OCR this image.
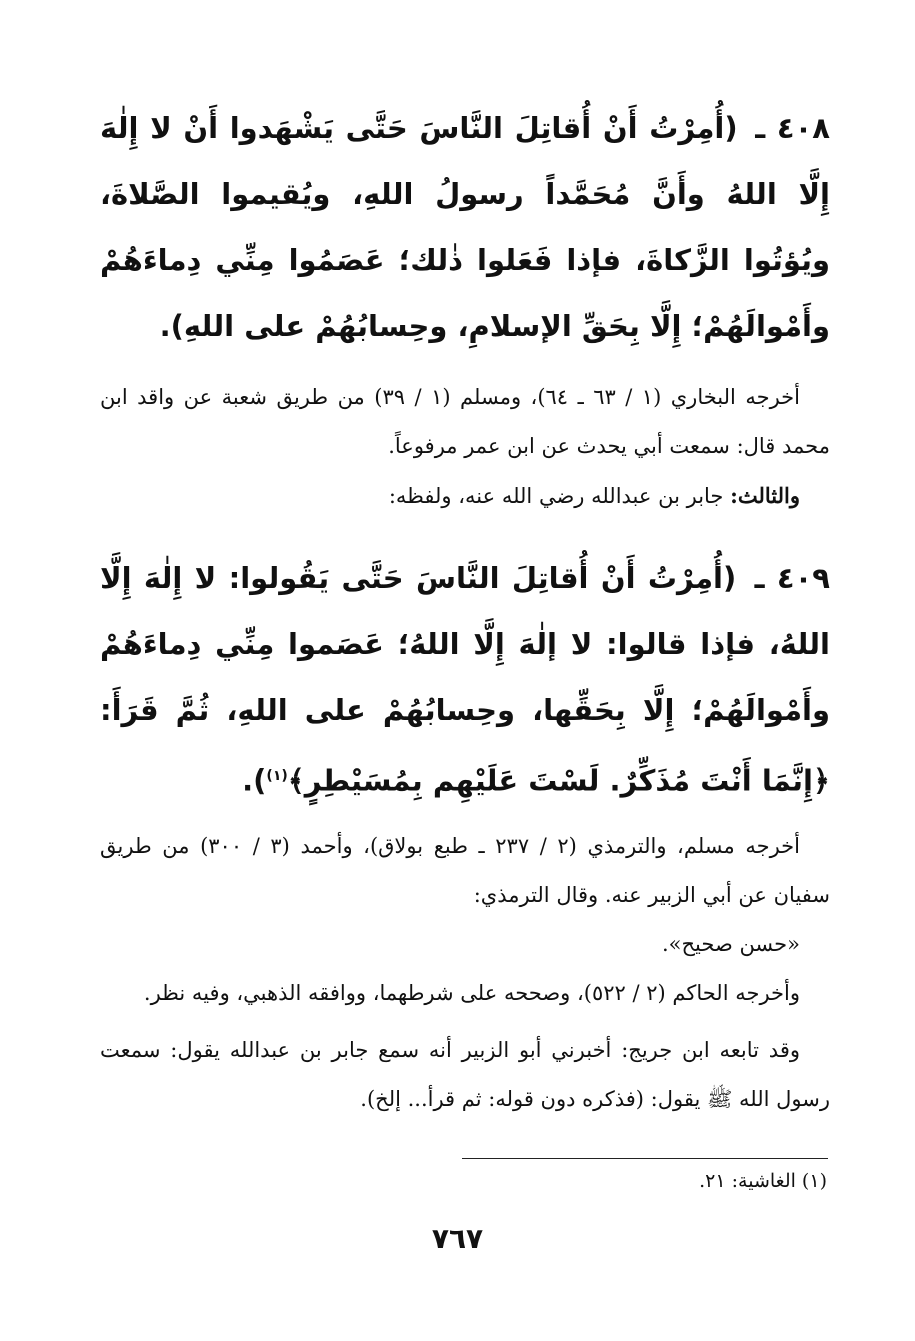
٤٠٨ ـ (أُمِرْتُ أَنْ أُقاتِلَ النَّاسَ حَتَّى يَشْهَدوا أَنْ لا إِلٰهَ إِلَّا اللهُ وأَنَّ مُحَمَّداً رسولُ اللهِ، ويُقيموا الصَّلاةَ، ويُؤتُوا الزَّكاةَ، فإذا فَعَلوا ذٰلك؛ عَصَمُوا مِنِّي دِماءَهُمْ وأَمْوالَهُمْ؛ إِلَّا بِحَقِّ الإسلامِ، وحِسابُهُمْ على اللهِ).

أخرجه البخاري (١ / ٦٣ ـ ٦٤)، ومسلم (١ / ٣٩) من طريق شعبة عن واقد ابن محمد قال: سمعت أبي يحدث عن ابن عمر مرفوعاً.

والثالث: جابر بن عبدالله رضي الله عنه، ولفظه:

٤٠٩ ـ (أُمِرْتُ أَنْ أُقاتِلَ النَّاسَ حَتَّى يَقُولوا: لا إِلٰهَ إِلَّا اللهُ، فإذا قالوا: لا إلٰهَ إِلَّا اللهُ؛ عَصَموا مِنِّي دِماءَهُمْ وأَمْوالَهُمْ؛ إِلَّا بِحَقِّها، وحِسابُهُمْ على اللهِ، ثُمَّ قَرَأَ: ﴿إِنَّمَا أَنْتَ مُذَكِّرٌ. لَسْتَ عَلَيْهِم بِمُسَيْطِرٍ﴾$^{(١)}$).

أخرجه مسلم، والترمذي (٢ / ٢٣٧ ـ طبع بولاق)، وأحمد (٣ / ٣٠٠) من طريق سفيان عن أبي الزبير عنه. وقال الترمذي:

«حسن صحيح».

وأخرجه الحاكم (٢ / ٥٢٢)، وصححه على شرطهما، ووافقه الذهبي، وفيه نظر.

وقد تابعه ابن جريج: أخبرني أبو الزبير أنه سمع جابر بن عبدالله يقول: سمعت رسول الله ﷺ يقول: (فذكره دون قوله: ثم قرأ... إلخ).

(١) الغاشية: ٢١.
٧٦٧
